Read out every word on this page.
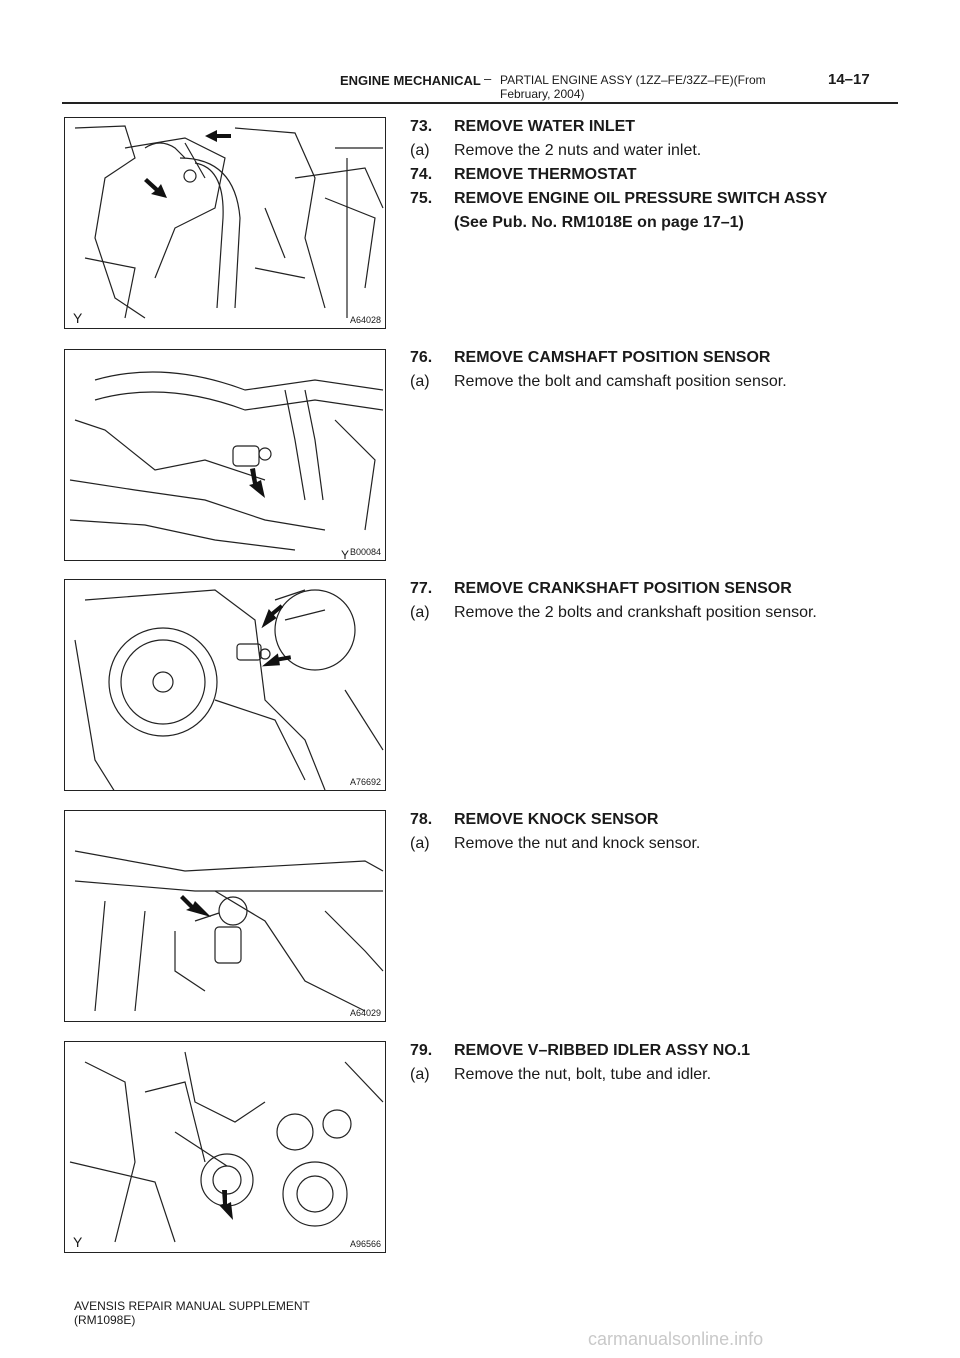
ENGINE MECHANICAL – PARTIAL ENGINE ASSY (1ZZ–FE/3ZZ–FE)(From February, 2004)
14–17
Y	A64028
B00084
Y
A76692
A64029
Y	A96566
73. REMOVE WATER INLET
(a) Remove the 2 nuts and water inlet.
74. REMOVE THERMOSTAT
75. REMOVE ENGINE OIL PRESSURE SWITCH ASSY
(See Pub. No. RM1018E on page 17–1)
76. REMOVE CAMSHAFT POSITION SENSOR
(a) Remove the bolt and camshaft position sensor.
77. REMOVE CRANKSHAFT POSITION SENSOR
(a) Remove the 2 bolts and crankshaft position sensor.
78. REMOVE KNOCK SENSOR
(a) Remove the nut and knock sensor.
79. REMOVE V–RIBBED IDLER ASSY NO.1
(a) Remove the nut, bolt, tube and idler.
AVENSIS REPAIR MANUAL SUPPLEMENT
(RM1098E)
carmanualsonline.info
